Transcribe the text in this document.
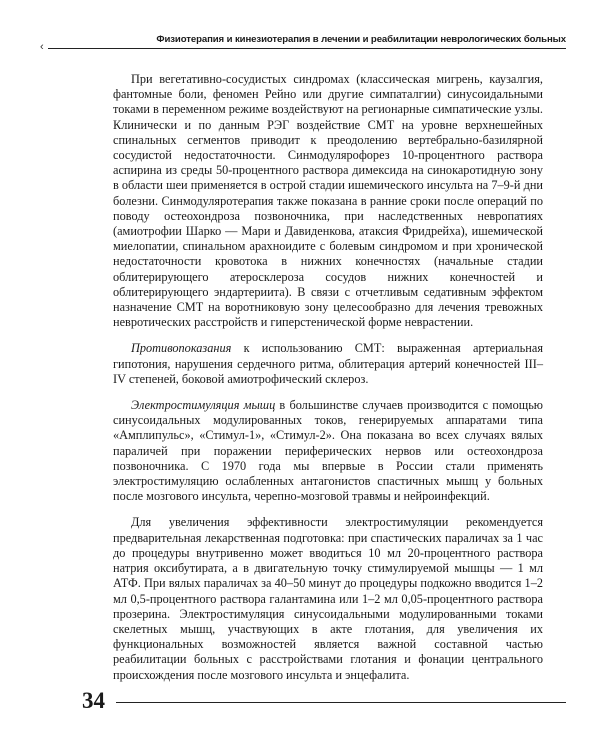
‹
Физиотерапия и кинезиотерапия в лечении и реабилитации неврологических больных

При вегетативно-сосудистых синдромах (классическая мигрень, каузалгия, фантомные боли, феномен Рейно или другие симпаталгии) синусоидальными токами в переменном режиме воздействуют на регионарные симпатические узлы. Клинически и по данным РЭГ воздействие СМТ на уровне верхнешейных спинальных сегментов приводит к преодолению вертебрально-базилярной сосудистой недостаточности. Синмодулярофорез 10-процентного раствора аспирина из среды 50-процентного раствора димексида на синокаротидную зону в области шеи применяется в острой стадии ишемического инсульта на 7–9-й дни болезни. Синмодулярoтерапия также показана в ранние сроки после операций по поводу остеохондроза позвоночника, при наследственных невропатиях (амиотрофии Шарко — Мари и Давиденкова, атаксия Фридрейха), ишемической миелопатии, спинальном арахноидите с болевым синдромом и при хронической недостаточности кровотока в нижних конечностях (начальные стадии облитерирующего атеросклероза сосудов нижних конечностей и облитерирующего эндартериита). В связи с отчетливым седативным эффектом назначение СМТ на воротниковую зону целесообразно для лечения тревожных невротических расстройств и гиперстенической форме неврастении.

Противопоказания к использованию СМТ: выраженная артериальная гипотония, нарушения сердечного ритма, облитерация артерий конечностей III–IV степеней, боковой амиотрофический склероз.

Электростимуляция мышц в большинстве случаев производится с помощью синусоидальных модулированных токов, генерируемых аппаратами типа «Амплипульс», «Стимул-1», «Стимул-2». Она показана во всех случаях вялых параличей при поражении периферических нервов или остеохондроза позвоночника. С 1970 года мы впервые в России стали применять электростимуляцию ослабленных антагонистов спастичных мышц у больных после мозгового инсульта, черепно-мозговой травмы и нейроинфекций.

Для увеличения эффективности электростимуляции рекомендуется предварительная лекарственная подготовка: при спастических параличах за 1 час до процедуры внутривенно может вводиться 10 мл 20-процентного раствора натрия оксибутирата, а в двигательную точку стимулируемой мышцы — 1 мл АТФ. При вялых параличах за 40–50 минут до процедуры подкожно вводится 1–2 мл 0,5-процентного раствора галантамина или 1–2 мл 0,05-процентного раствора прозерина. Электростимуляция синусоидальными модулированными токами скелетных мышц, участвующих в акте глотания, для увеличения их функциональных возможностей является важной составной частью реабилитации больных с расстройствами глотания и фонации центрального происхождения после мозгового инсульта и энцефалита.

34
